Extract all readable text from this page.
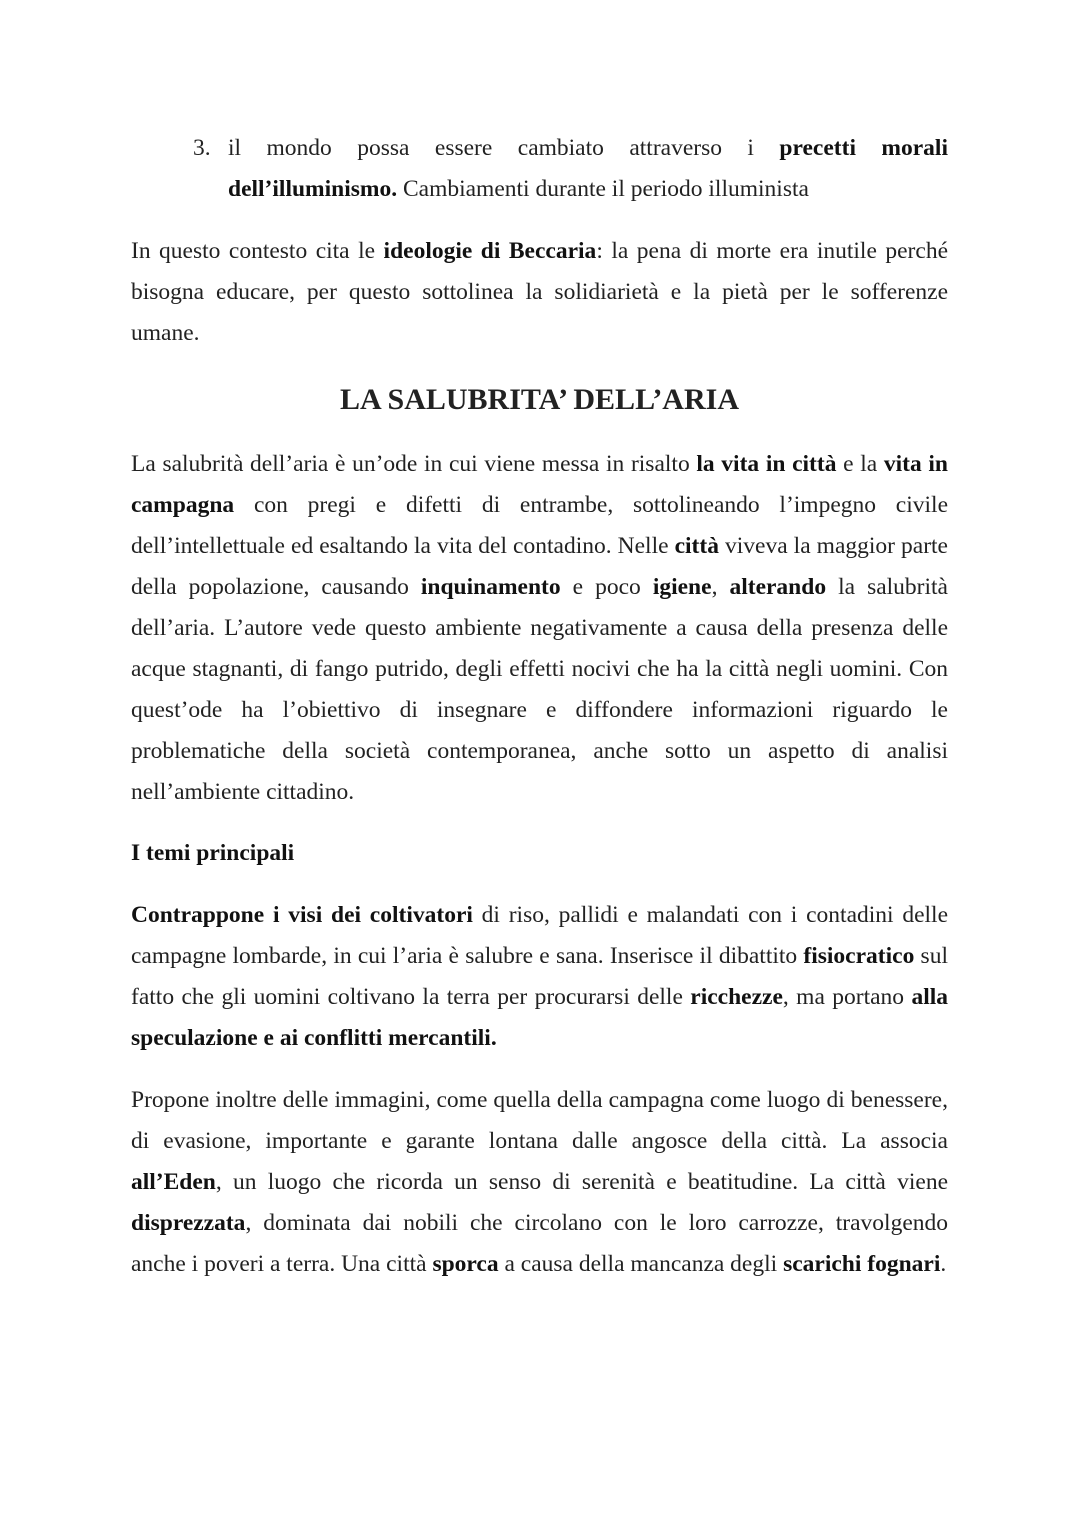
3. il mondo possa essere cambiato attraverso i precetti morali dell’illuminismo. Cambiamenti durante il periodo illuminista

In questo contesto cita le ideologie di Beccaria: la pena di morte era inutile perché bisogna educare, per questo sottolinea la solidiarietà e la pietà per le sofferenze umane.

LA SALUBRITA’ DELL’ARIA

La salubrità dell’aria è un’ode in cui viene messa in risalto la vita in città e la vita in campagna con pregi e difetti di entrambe, sottolineando l’impegno civile dell’intellettuale ed esaltando la vita del contadino. Nelle città viveva la maggior parte della popolazione, causando inquinamento e poco igiene, alterando la salubrità dell’aria. L’autore vede questo ambiente negativamente a causa della presenza delle acque stagnanti, di fango putrido, degli effetti nocivi che ha la città negli uomini. Con quest’ode ha l’obiettivo di insegnare e diffondere informazioni riguardo le problematiche della società contemporanea, anche sotto un aspetto di analisi nell’ambiente cittadino.

I temi principali

Contrappone i visi dei coltivatori di riso, pallidi e malandati con i contadini delle campagne lombarde, in cui l’aria è salubre e sana. Inserisce il dibattito fisiocratico sul fatto che gli uomini coltivano la terra per procurarsi delle ricchezze, ma portano alla speculazione e ai conflitti mercantili.

Propone inoltre delle immagini, come quella della campagna come luogo di benessere, di evasione, importante e garante lontana dalle angosce della città. La associa all’Eden, un luogo che ricorda un senso di serenità e beatitudine. La città viene disprezzata, dominata dai nobili che circolano con le loro carrozze, travolgendo anche i poveri a terra. Una città sporca a causa della mancanza degli scarichi fognari.
